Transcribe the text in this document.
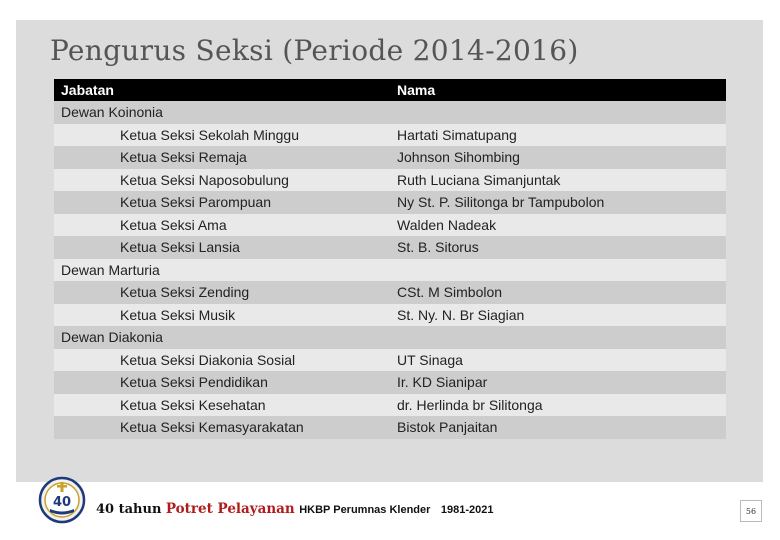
Pengurus Seksi (Periode 2014-2016)
Jabatan	Nama
Dewan Koinonia
Ketua Seksi Sekolah Minggu	Hartati Simatupang
Ketua Seksi Remaja	Johnson Sihombing
Ketua Seksi Naposobulung	Ruth Luciana Simanjuntak
Ketua Seksi Parompuan	Ny St. P. Silitonga br Tampubolon
Ketua Seksi Ama	Walden Nadeak
Ketua Seksi Lansia	St. B. Sitorus
Dewan Marturia
Ketua Seksi Zending	CSt. M Simbolon
Ketua Seksi Musik	St. Ny. N. Br Siagian
Dewan Diakonia
Ketua Seksi Diakonia Sosial	UT Sinaga
Ketua Seksi Pendidikan	Ir. KD Sianipar
Ketua Seksi Kesehatan	dr. Herlinda br Silitonga
Ketua Seksi Kemasyarakatan	Bistok Panjaitan
40 40 tahun Potret Pelayanan HKBP Perumnas Klender 1981-2021	56
